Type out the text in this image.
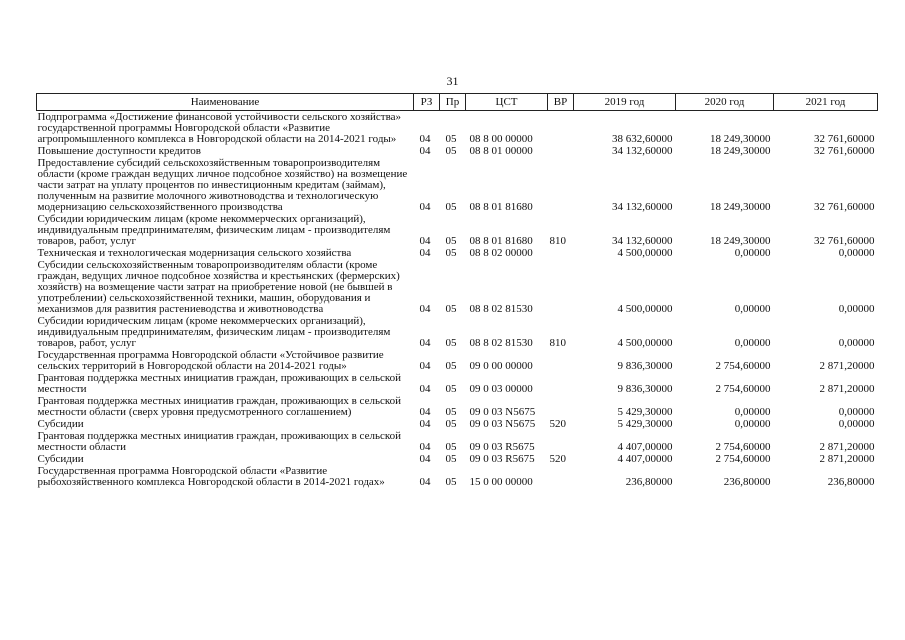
31
Наименование	РЗ	Пр	ЦСТ	ВР	2019 год	2020 год	2021 год
Подпрограмма «Достижение финансовой устойчивости сельского хозяйства» государственной программы Новгородской области «Развитие агропромышленного комплекса в Новгородской области на 2014-2021 годы»	04	05	08 8 00 00000		38 632,60000	18 249,30000	32 761,60000
Повышение доступности кредитов	04	05	08 8 01 00000		34 132,60000	18 249,30000	32 761,60000
Предоставление субсидий сельскохозяйственным товаропроизводителям области (кроме граждан ведущих личное подсобное хозяйство) на возмещение части затрат на уплату процентов по инвестиционным кредитам (займам), полученным на развитие молочного животноводства и технологическую модернизацию сельскохозяйственного производства	04	05	08 8 01 81680		34 132,60000	18 249,30000	32 761,60000
Субсидии юридическим лицам (кроме некоммерческих организаций), индивидуальным предпринимателям, физическим лицам - производителям товаров, работ, услуг	04	05	08 8 01 81680	810	34 132,60000	18 249,30000	32 761,60000
Техническая и технологическая модернизация сельского хозяйства	04	05	08 8 02 00000		4 500,00000	0,00000	0,00000
Субсидии сельскохозяйственным товаропроизводителям области (кроме граждан, ведущих личное подсобное хозяйства и крестьянских (фермерских) хозяйств) на возмещение части затрат на приобретение новой (не бывшей в употреблении) сельскохозяйственной техники, машин, оборудования и механизмов для развития растениеводства и животноводства	04	05	08 8 02 81530		4 500,00000	0,00000	0,00000
Субсидии юридическим лицам (кроме некоммерческих организаций), индивидуальным предпринимателям, физическим лицам - производителям товаров, работ, услуг	04	05	08 8 02 81530	810	4 500,00000	0,00000	0,00000
Государственная программа Новгородской области «Устойчивое развитие сельских территорий в Новгородской области на 2014-2021 годы»	04	05	09 0 00 00000		9 836,30000	2 754,60000	2 871,20000
Грантовая поддержка местных инициатив граждан, проживающих в сельской местности	04	05	09 0 03 00000		9 836,30000	2 754,60000	2 871,20000
Грантовая поддержка местных инициатив граждан, проживающих в сельской местности области (сверх уровня предусмотренного соглашением)	04	05	09 0 03 N5675		5 429,30000	0,00000	0,00000
Субсидии	04	05	09 0 03 N5675	520	5 429,30000	0,00000	0,00000
Грантовая поддержка местных инициатив граждан, проживающих в сельской местности области	04	05	09 0 03 R5675		4 407,00000	2 754,60000	2 871,20000
Субсидии	04	05	09 0 03 R5675	520	4 407,00000	2 754,60000	2 871,20000
Государственная программа Новгородской области «Развитие рыбохозяйственного комплекса Новгородской области в 2014-2021 годах»	04	05	15 0 00 00000		236,80000	236,80000	236,80000
